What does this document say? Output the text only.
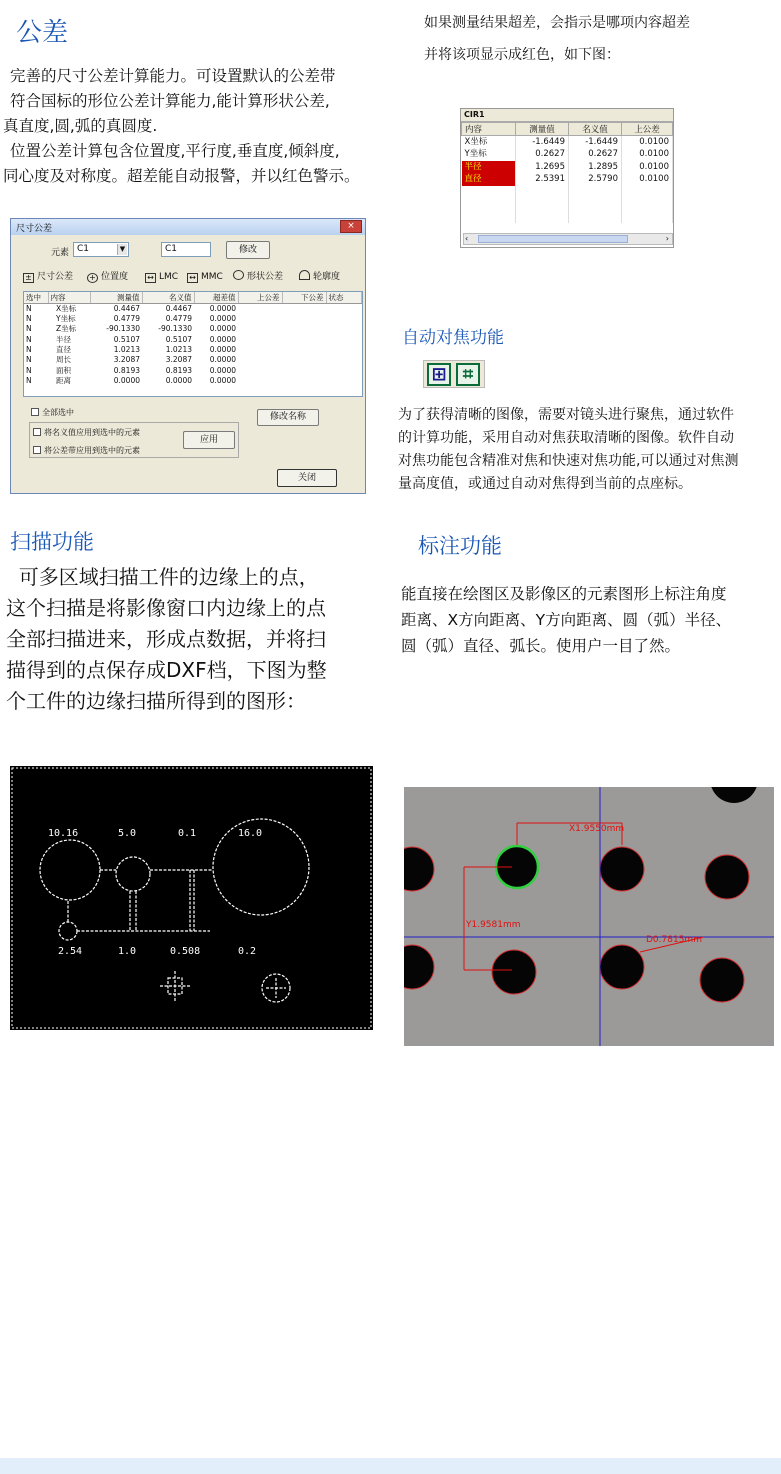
公差
完善的尺寸公差计算能力。可设置默认的公差带
符合国标的形位公差计算能力,能计算形状公差,
真直度,圆,弧的真圆度.
位置公差计算包含位置度,平行度,垂直度,倾斜度,
同心度及对称度。超差能自动报警，并以红色警示。
尺寸公差	×
元素 C1	▼	C1	修改
± 尺寸公差 + 位置度 ↔ LMC ↔ MMC	形状公差	轮廓度
选中	内容	测量值	名义值	超差值	上公差	下公差	状态
N	X坐标	0.4467	0.4467	0.0000			
N	Y坐标	0.4779	0.4779	0.0000			
N	Z坐标	-90.1330	-90.1330	0.0000			
N	半径	0.5107	0.5107	0.0000			
N	直径	1.0213	1.0213	0.0000			
N	周长	3.2087	3.2087	0.0000			
N	面积	0.8193	0.8193	0.0000			
N	距离	0.0000	0.0000	0.0000			
全部选中	修改名称
将名义值应用到选中的元素
将公差带应用到选中的元素
应用
关闭
如果测量结果超差，会指示是哪项内容超差
并将该项显示成红色，如下图：
CIR1
内容	测量值	名义值	上公差
X坐标	-1.6449	-1.6449	0.0100
Y坐标	0.2627	0.2627	0.0100
半径	1.2695	1.2895	0.0100
直径	2.5391	2.5790	0.0100

‹	›
自动对焦功能
⊞ ⌗
为了获得清晰的图像，需要对镜头进行聚焦，通过软件
的计算功能，采用自动对焦获取清晰的图像。软件自动
对焦功能包含精准对焦和快速对焦功能,可以通过对焦测
量高度值，或通过自动对焦得到当前的点座标。
扫描功能
可多区域扫描工件的边缘上的点，
这个扫描是将影像窗口内边缘上的点
全部扫描进来，形成点数据，并将扫
描得到的点保存成DXF档，下图为整
个工件的边缘扫描所得到的图形：
10.16	5.0	0.1	16.0
2.54	1.0	0.508	0.2
标注功能
能直接在绘图区及影像区的元素图形上标注角度
距离、X方向距离、Y方向距离、圆（弧）半径、
圆（弧）直径、弧长。使用户一目了然。
X1.9550mm
Y1.9581mm
D0.7815mm
